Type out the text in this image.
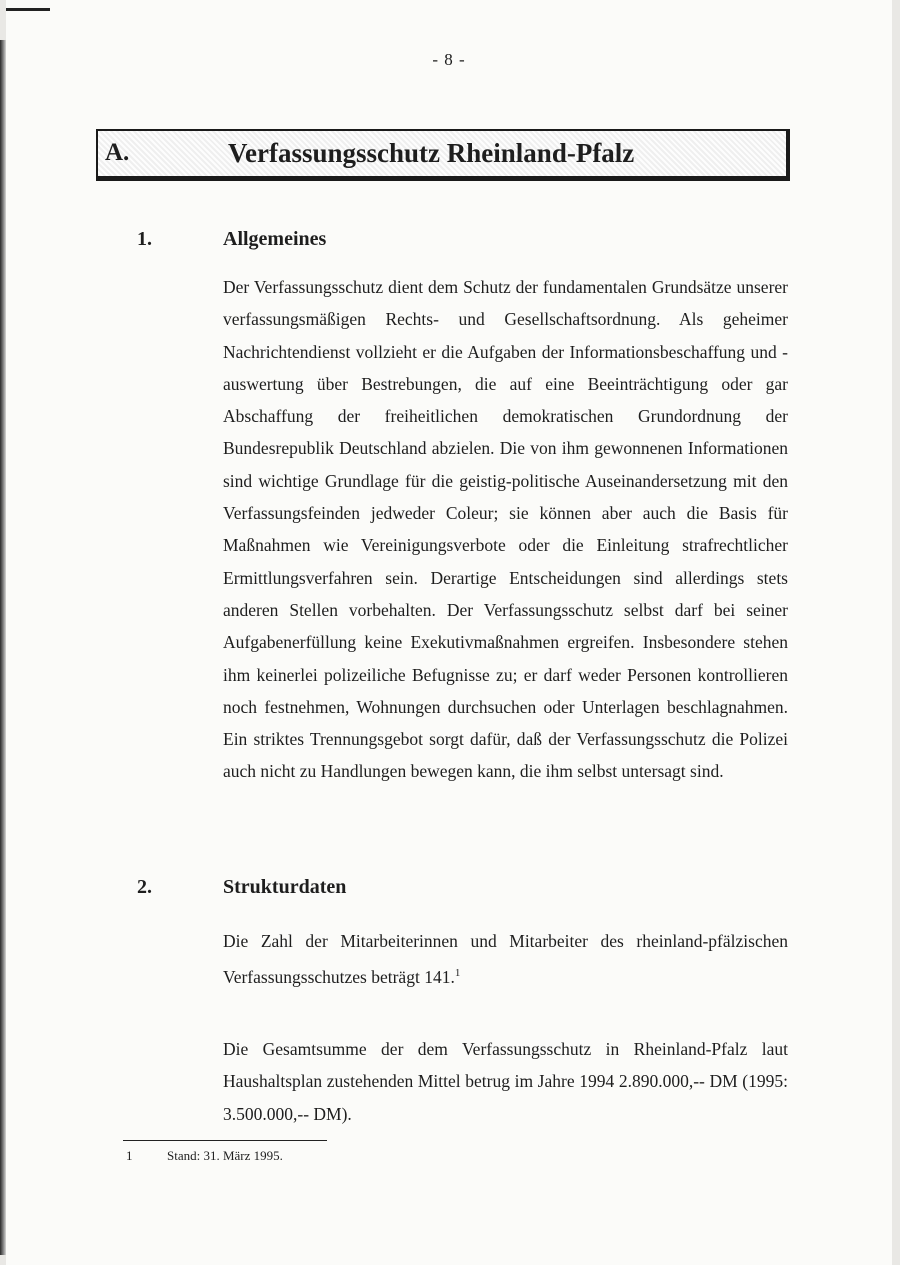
- 8 -
A.	Verfassungsschutz Rheinland-Pfalz
1.	Allgemeines

Der Verfassungsschutz dient dem Schutz der fundamentalen Grundsätze unserer verfassungsmäßigen Rechts- und Gesellschaftsordnung. Als geheimer Nachrichtendienst vollzieht er die Aufgaben der Informationsbeschaffung und -auswertung über Bestrebungen, die auf eine Beeinträchtigung oder gar Abschaffung der freiheitlichen demokratischen Grundordnung der Bundesrepublik Deutschland abzielen. Die von ihm gewonnenen Informationen sind wichtige Grundlage für die geistig-politische Auseinandersetzung mit den Verfassungsfeinden jedweder Coleur; sie können aber auch die Basis für Maßnahmen wie Vereinigungsverbote oder die Einleitung strafrechtlicher Ermittlungsverfahren sein. Derartige Entscheidungen sind allerdings stets anderen Stellen vorbehalten. Der Verfassungsschutz selbst darf bei seiner Aufgabenerfüllung keine Exekutivmaßnahmen ergreifen. Insbesondere stehen ihm keinerlei polizeiliche Befugnisse zu; er darf weder Personen kontrollieren noch festnehmen, Wohnungen durchsuchen oder Unterlagen beschlagnahmen. Ein striktes Trennungsgebot sorgt dafür, daß der Verfassungsschutz die Polizei auch nicht zu Handlungen bewegen kann, die ihm selbst untersagt sind.

2.	Strukturdaten

Die Zahl der Mitarbeiterinnen und Mitarbeiter des rheinland-pfälzischen Verfassungsschutzes beträgt 141.$^1$

Die Gesamtsumme der dem Verfassungsschutz in Rheinland-Pfalz laut Haushaltsplan zustehenden Mittel betrug im Jahre 1994 2.890.000,-- DM (1995: 3.500.000,-- DM).

1	Stand: 31. März 1995.
